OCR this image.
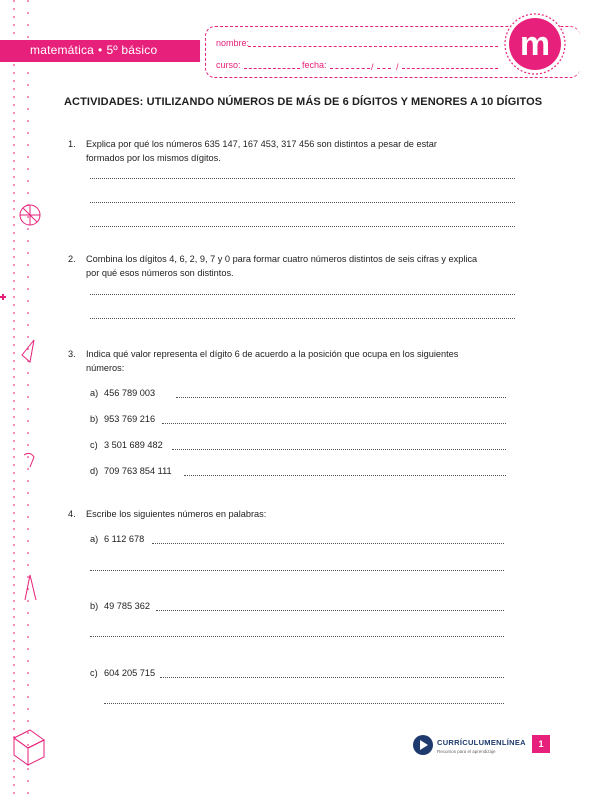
matemática • 5º básico	nombre:
curso:	fecha:	/ /
m
ACTIVIDADES: UTILIZANDO NÚMEROS DE MÁS DE 6 DÍGITOS Y MENORES A 10 DÍGITOS
1. Explica por qué los números 635 147, 167 453, 317 456 son distintos a pesar de estar
formados por los mismos dígitos.
2. Combina los dígitos 4, 6, 2, 9, 7 y 0 para formar cuatro números distintos de seis cifras y explica
por qué esos números son distintos.
3. Indica qué valor representa el dígito 6 de acuerdo a la posición que ocupa en los siguientes
números:
a) 456 789 003
b) 953 769 216
c) 3 501 689 482
d) 709 763 854 111
4. Escribe los siguientes números en palabras:
a) 6 112 678
b) 49 785 362
c) 604 205 715
CURRÍCULUMENLÍNEA
Recursos para el aprendizaje
1
